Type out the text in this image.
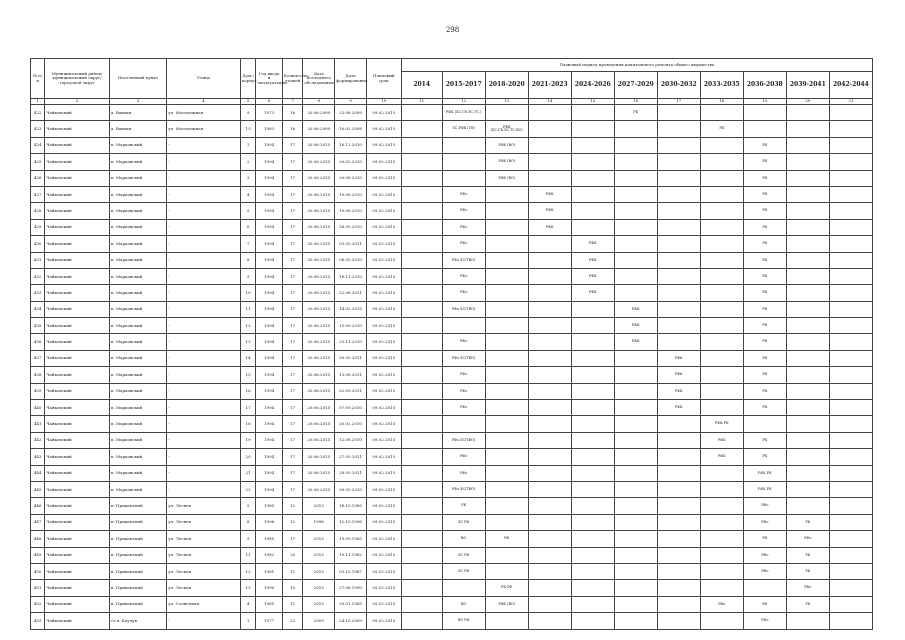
298
№ п/п	Муниципальный район/муниципальный округ/городской округ	Населенный пункт	Улица	Дом / корпус	Год ввода в эксплуатацию	Количество этажей	Дата последнего обследования	Дата формирования	Плановый срок	Плановый период проведения капитального ремонта общего имущества										
										2014	2015-2017	2018-2020	2021-2023	2024-2026	2027-2029	2030-2032	2033-2035	2036-2038	2039-2041	2042-2044
1	2	3	4	5	6	7	8	9	10	11	12	13	14	15	16	17	18	19	20	21
422	Чайковский	д. Ваньки	ул. Молодежная	9	1973	16	20.06.2009	23.08.2009	09.02.2015		РФК (ХС.ГВ.ЭС.ТС.)				РК					
423	Чайковский	д. Ваньки	ул. Молодежная	13	1983	16	20.06.2009	10.02.2008	09.02.2015		ХС.РФК (ГВ)	РФК (ХС.ГВ.ЭС.ТС.ВО)					РК			
424	Чайковский	п. Марковский	-	1	1994	17	20.06.2015	16.12.2010	09.02.2015			РФК (ВО)						РК		
425	Чайковский	п. Марковский	-	2	1994	17	20.06.2015	20.02.2010	09.02.2015			РФК (ВО)						РК		
426	Чайковский	п. Марковский	-	3	1994	17	20.06.2015	20.08.2010	09.02.2015			РФК (ВО)						РК		
427	Чайковский	п. Марковский	-	4	1994	17	20.06.2015	10.06.2010	09.02.2015		РФо		РФК					РК		
428	Чайковский	п. Марковский	-	5	1994	17	20.06.2015	10.06.2010	09.02.2015		РФо		РФК					РК		
429	Чайковский	п. Марковский	-	6	1994	17	20.06.2015	28.05.2010	09.02.2015		РФо		РФК					РК		
430	Чайковский	п. Марковский	-	7	1994	17	20.06.2015	03.05.2011	09.02.2015		РФо			РФК				РК		
431	Чайковский	п. Марковский	-	8	1994	17	20.06.2015	06.05.2010	09.02.2015		РФо ХС(ТВО)			РФК				РК		
432	Чайковский	п. Марковский	-	9	1994	17	20.06.2015	16.11.2010	09.02.2015		РФо			РФК				РК		
433	Чайковский	п. Марковский	-	10	1994	17	20.06.2015	22.06.2011	09.02.2015		РФо			РФК				РК		
434	Чайковский	п. Марковский	-	11	1994	17	20.06.2015	14.02.2015	09.02.2015		РФо ХС(ТВО)				РФК			РК		
435	Чайковский	п. Марковский	-	12	1994	17	20.06.2015	15.09.2010	09.02.2015						РФК			РК		
436	Чайковский	п. Марковский	-	13	1994	17	20.06.2015	23.11.2010	09.02.2015		РФо				РФК			РК		
437	Чайковский	п. Марковский	-	14	1994	17	20.06.2015	30.05.2011	09.02.2015		РФо ХС(ТВО)					РФК		РК		
438	Чайковский	п. Марковский	-	15	1994	17	20.06.2015	13.08.2011	09.02.2015		РФо					РФК		РК		
439	Чайковский	п. Марковский	-	16	1994	17	20.06.2015	02.09.2011	09.02.2015		РФо					РФК		РК		
440	Чайковский	п. Марковский	-	17	1994	17	20.06.2015	07.09.2010	09.02.2015		РФо					РФК		РК		
441	Чайковский	п. Марковский	-	18	1994	17	20.06.2015	20.02.2010	09.02.2015								РФК РК			
442	Чайковский	п. Марковский	-	19	1994	17	20.06.2015	12.08.2010	09.02.2015		РФо ХС(ТВО)						РФК	РК		
443	Чайковский	п. Марковский	-	20	1994	17	20.06.2015	27.05.2011	09.02.2015		РФо						РФК	РК		
444	Чайковский	п. Марковский	-	21	1994	17	20.06.2015	28.05.2011	09.02.2015		РФо							РФК РК		
445	Чайковский	п. Марковский	-	22	1994	17	20.06.2015	30.05.2010	09.02.2015		РФо ХС(ТВО)							РФК РК		
446	Чайковский	п. Прикамский	ул. Лесная	5	1985	12	2013	18.10.1985	09.02.2015		РК							РФо		
447	Чайковский	п. Прикамский	ул. Лесная	8	1996	12	1996	12.10.1996	09.02.2015		ХС РФ							РФо	РК	
448	Чайковский	п. Прикамский	ул. Лесная	9	1985	17	2013	19.09.1985	09.02.2015		ВО	РФ						РК	РФо	
449	Чайковский	п. Прикамский	ул. Лесная	11	1982	20	2013	10.11.1982	09.02.2015		ХС РФ							РФо	РК	
450	Чайковский	п. Прикамский	ул. Лесная	12	1981	11	2013	03.10.1987	09.02.2015		ХС РФ							РФо	РК	
451	Чайковский	п. Прикамский	ул. Лесная	13	1990	10	2013	27.08.1990	09.02.2015			РК РФ							РФо	
452	Чайковский	п. Прикамский	ул. Солнечная	4	1965	11	2013	29.01.1965	09.02.2015		ВО	РФК (ВО)					РФо	РФ	РК	
453	Чайковский	ст.п. Каучук	-	1	1977	22	2009	24.10.2009	09.02.2015		ВО РФ							РФо		
